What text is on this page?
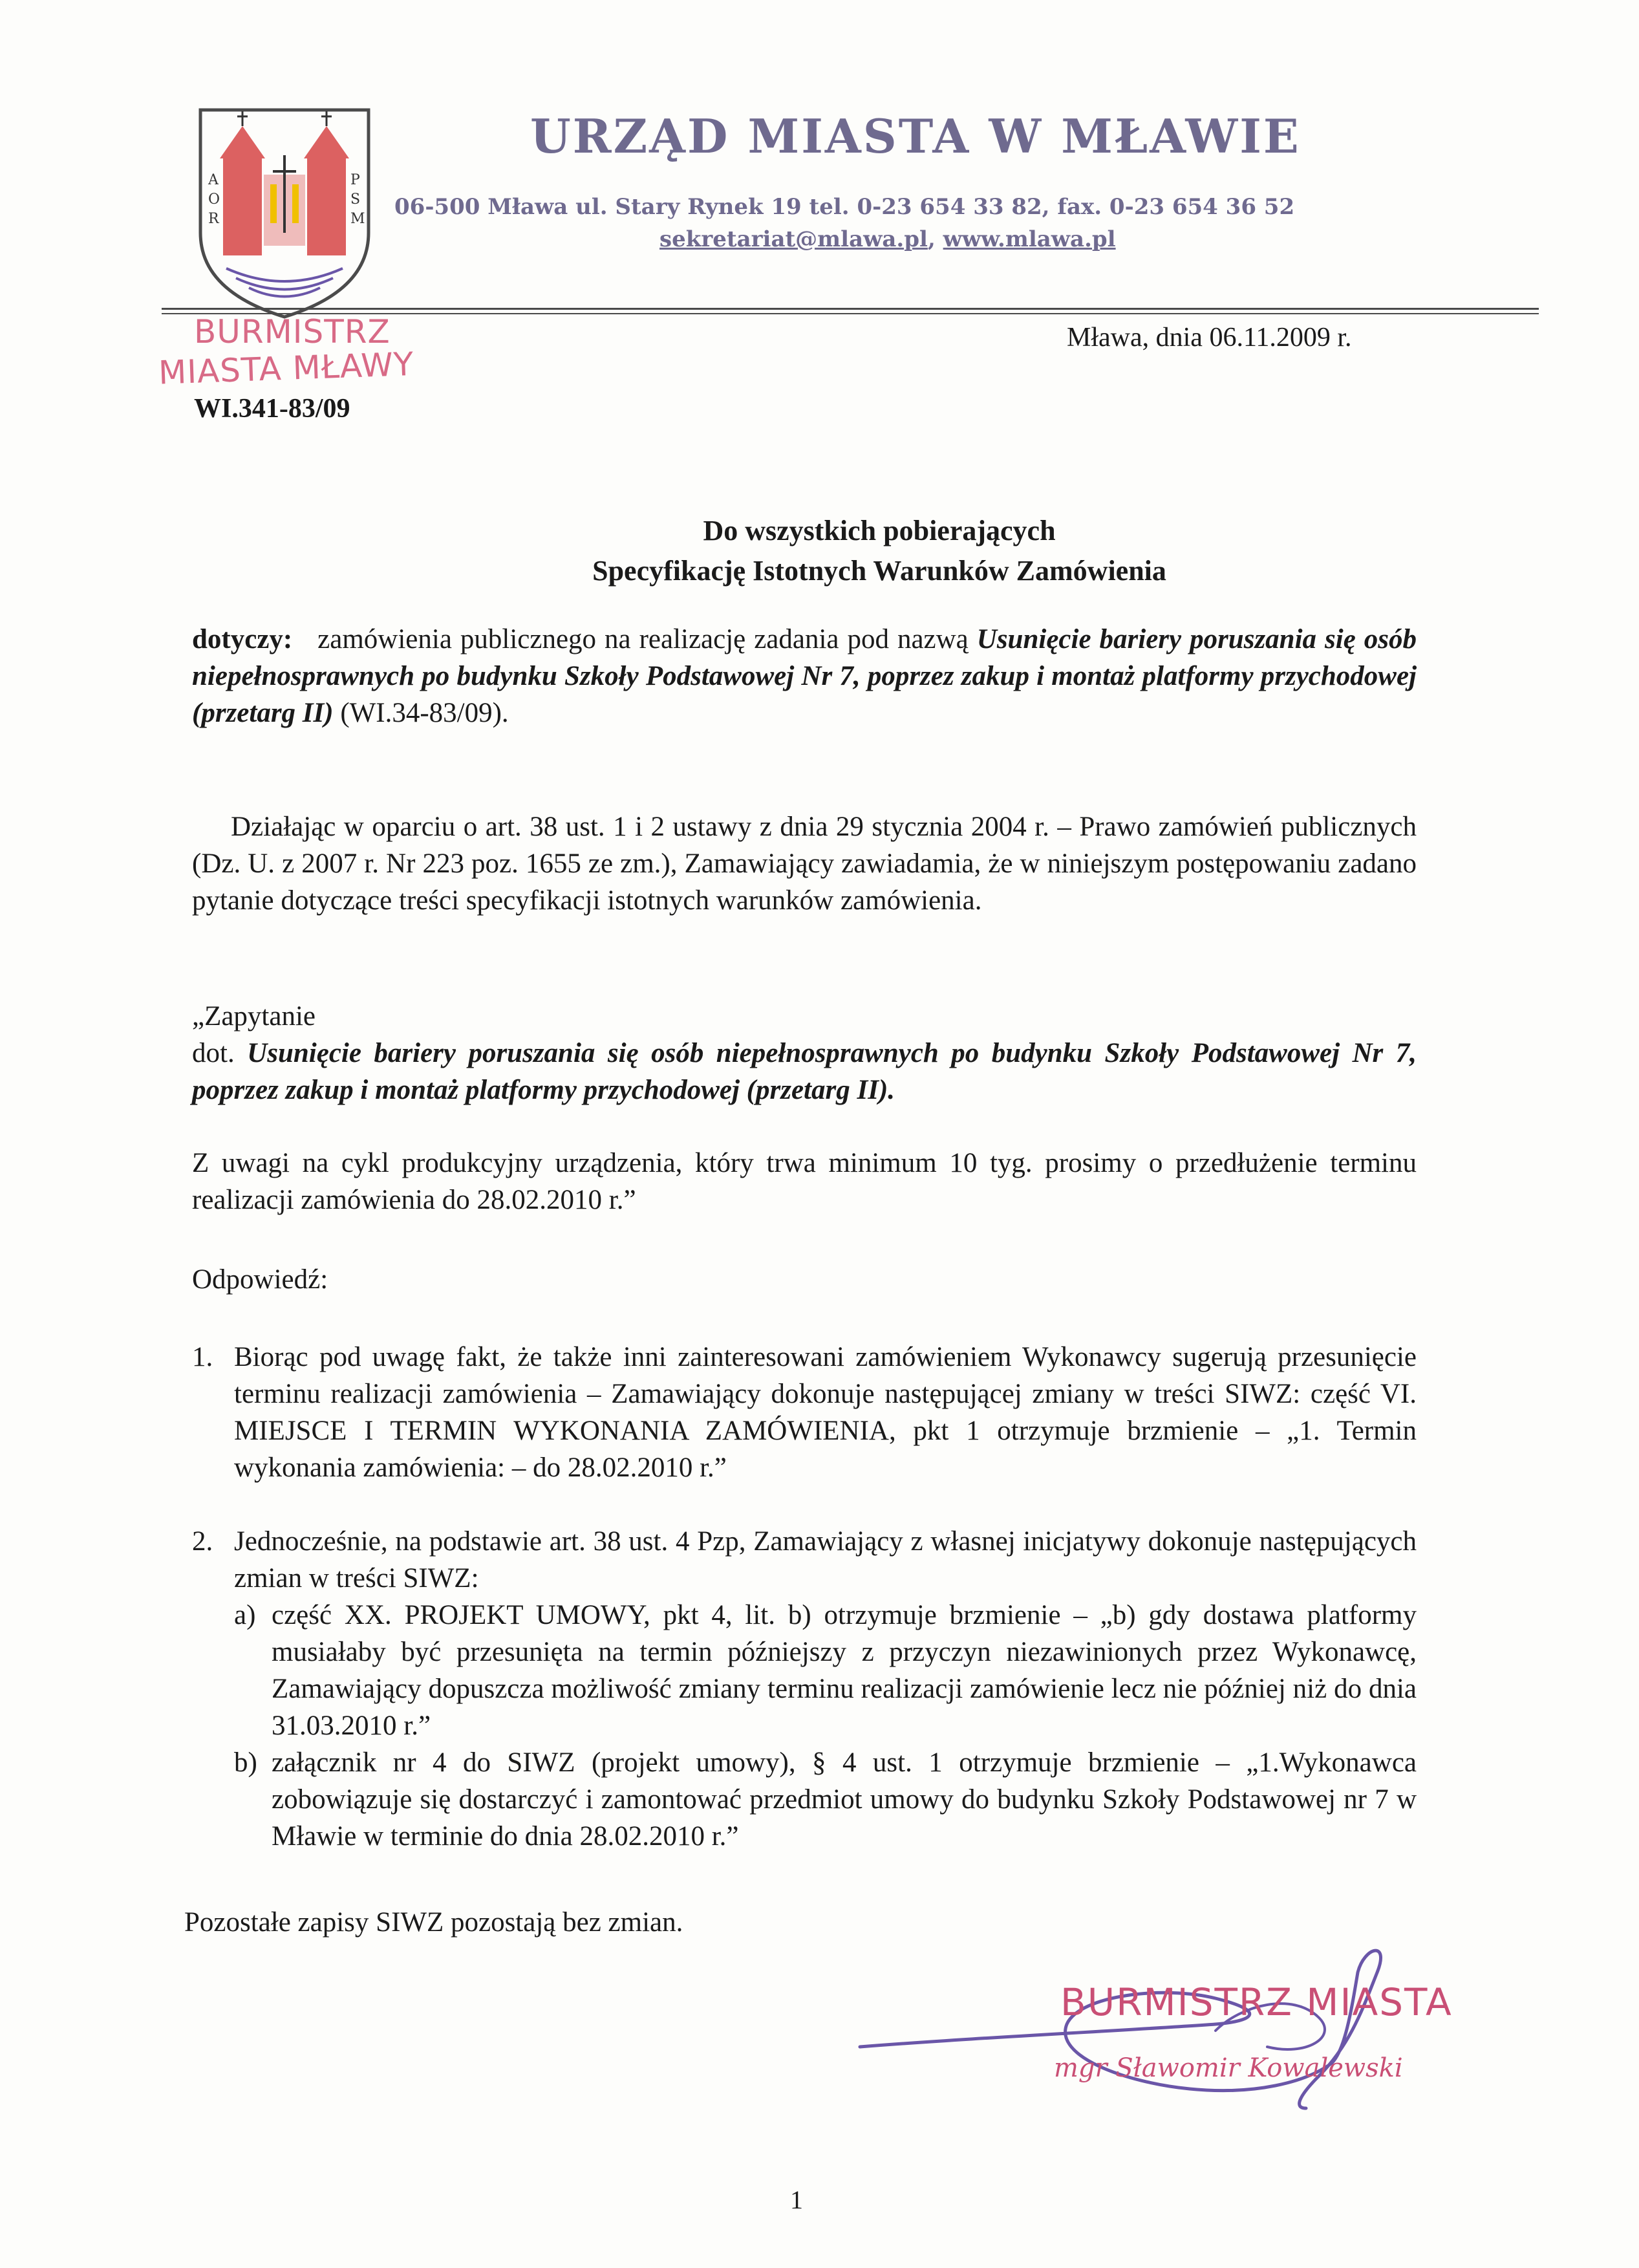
A
O
R
P
S
M
URZĄD MIASTA W MŁAWIE
06-500 Mława ul. Stary Rynek 19 tel. 0-23 654 33 82, fax. 0-23 654 36 52
sekretariat@mlawa.pl, www.mlawa.pl
BURMISTRZ
MIASTA MŁAWY
Mława, dnia 06.11.2009 r.
WI.341-83/09
Do wszystkich pobierających
Specyfikację Istotnych Warunków Zamówienia
dotyczy: zamówienia publicznego na realizację zadania pod nazwą Usunięcie bariery poruszania się osób niepełnosprawnych po budynku Szkoły Podstawowej Nr 7, poprzez zakup i montaż platformy przychodowej (przetarg II) (WI.34-83/09).
Działając w oparciu o art. 38 ust. 1 i 2 ustawy z dnia 29 stycznia 2004 r. – Prawo zamówień publicznych (Dz. U. z 2007 r. Nr 223 poz. 1655 ze zm.), Zamawiający zawiadamia, że w niniejszym postępowaniu zadano pytanie dotyczące treści specyfikacji istotnych warunków zamówienia.
„Zapytanie
dot. Usunięcie bariery poruszania się osób niepełnosprawnych po budynku Szkoły Podstawowej Nr 7, poprzez zakup i montaż platformy przychodowej (przetarg II).
Z uwagi na cykl produkcyjny urządzenia, który trwa minimum 10 tyg. prosimy o przedłużenie terminu realizacji zamówienia do 28.02.2010 r.”
Odpowiedź:
1. Biorąc pod uwagę fakt, że także inni zainteresowani zamówieniem Wykonawcy sugerują przesunięcie terminu realizacji zamówienia – Zamawiający dokonuje następującej zmiany w treści SIWZ: część VI. MIEJSCE I TERMIN WYKONANIA ZAMÓWIENIA, pkt 1 otrzymuje brzmienie – „1. Termin wykonania zamówienia: – do 28.02.2010 r.”
2. Jednocześnie, na podstawie art. 38 ust. 4 Pzp, Zamawiający z własnej inicjatywy dokonuje następujących zmian w treści SIWZ:
a) część XX. PROJEKT UMOWY, pkt 4, lit. b) otrzymuje brzmienie – „b) gdy dostawa platformy musiałaby być przesunięta na termin późniejszy z przyczyn niezawinionych przez Wykonawcę, Zamawiający dopuszcza możliwość zmiany terminu realizacji zamówienie lecz nie później niż do dnia 31.03.2010 r.”
b) załącznik nr 4 do SIWZ (projekt umowy), § 4 ust. 1 otrzymuje brzmienie – „1.Wykonawca zobowiązuje się dostarczyć i zamontować przedmiot umowy do budynku Szkoły Podstawowej nr 7 w Mławie w terminie do dnia 28.02.2010 r.”
Pozostałe zapisy SIWZ pozostają bez zmian.
BURMISTRZ MIASTA
mgr Sławomir Kowalewski
1
